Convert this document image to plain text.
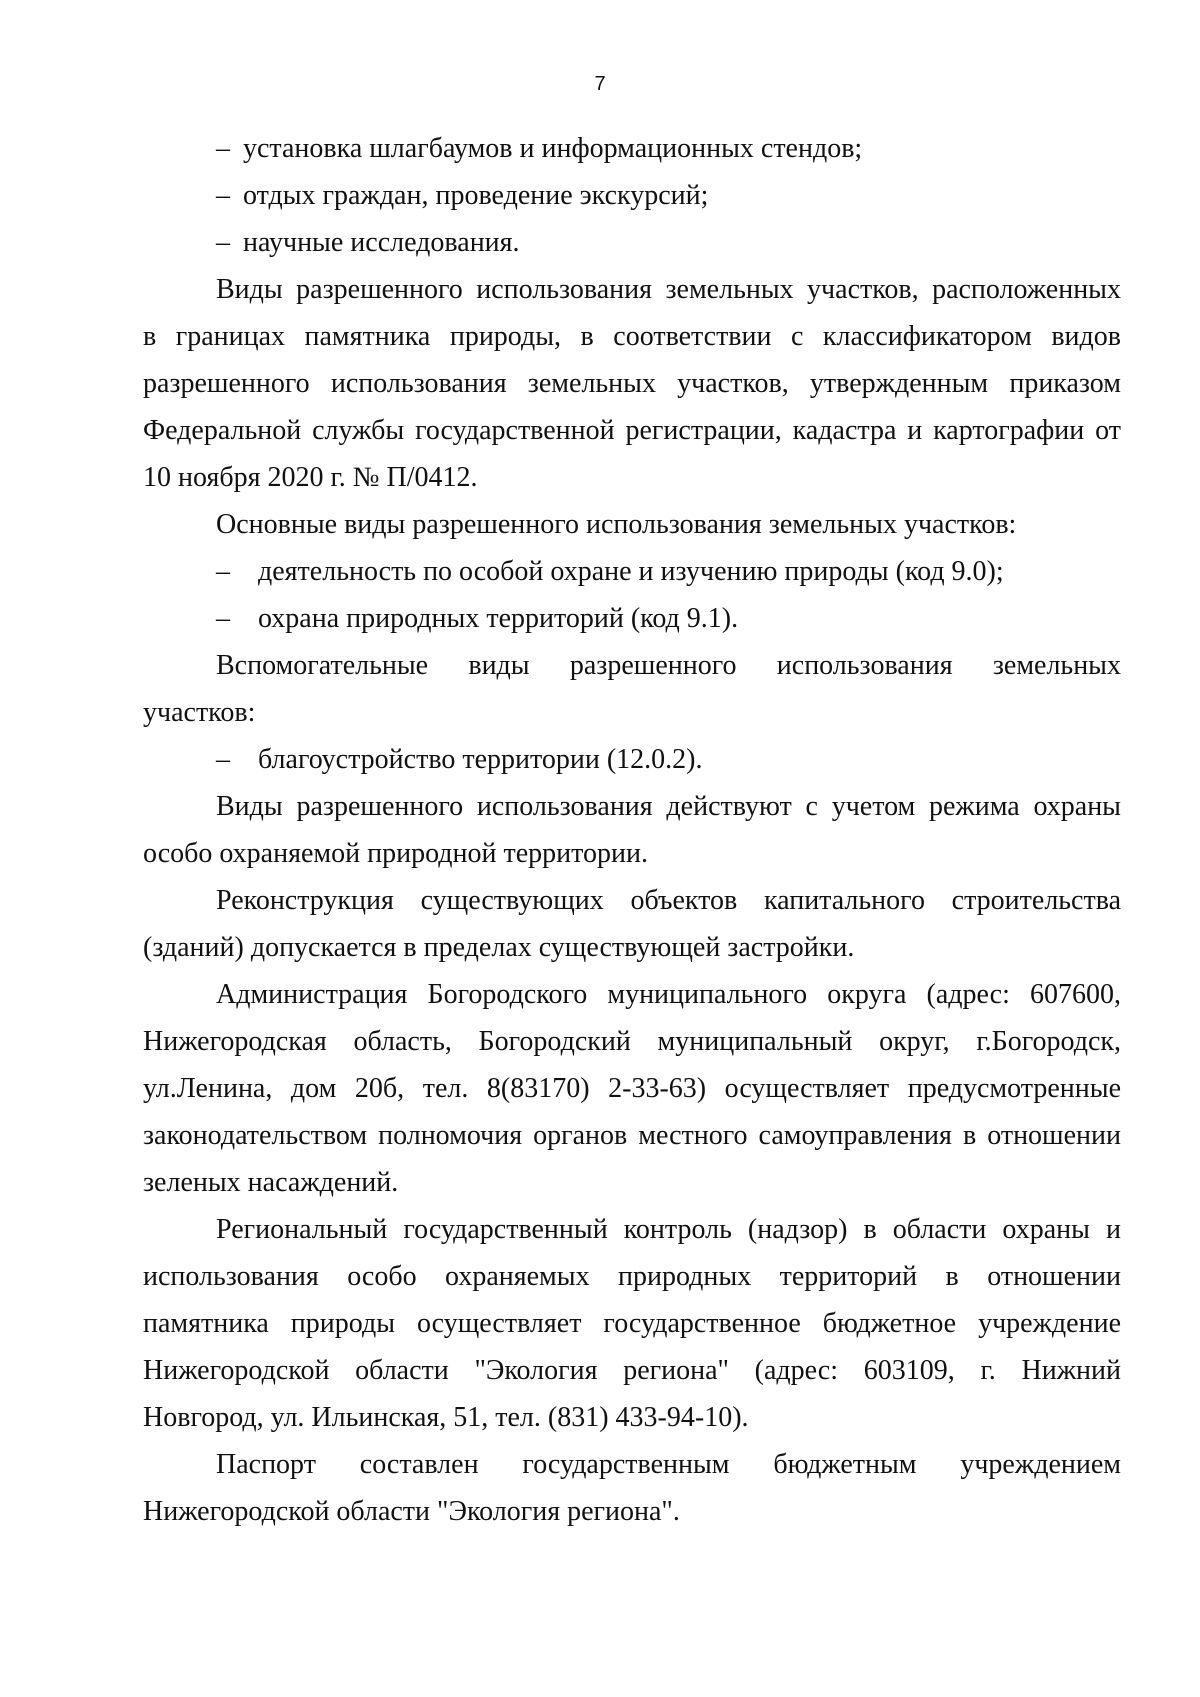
7
– установка шлагбаумов и информационных стендов;
– отдых граждан, проведение экскурсий;
– научные исследования.
Виды разрешенного использования земельных участков, расположенных
в границах памятника природы, в соответствии с классификатором видов
разрешенного использования земельных участков, утвержденным приказом
Федеральной службы государственной регистрации, кадастра и картографии от
10 ноября 2020 г. № П/0412.
Основные виды разрешенного использования земельных участков:
– деятельность по особой охране и изучению природы (код 9.0);
– охрана природных территорий (код 9.1).
Вспомогательные виды разрешенного использования земельных
участков:
– благоустройство территории (12.0.2).
Виды разрешенного использования действуют с учетом режима охраны
особо охраняемой природной территории.
Реконструкция существующих объектов капитального строительства
(зданий) допускается в пределах существующей застройки.
Администрация Богородского муниципального округа (адрес: 607600,
Нижегородская область, Богородский муниципальный округ, г.Богородск,
ул.Ленина, дом 20б, тел. 8(83170) 2-33-63) осуществляет предусмотренные
законодательством полномочия органов местного самоуправления в отношении
зеленых насаждений.
Региональный государственный контроль (надзор) в области охраны и
использования особо охраняемых природных территорий в отношении
памятника природы осуществляет государственное бюджетное учреждение
Нижегородской области "Экология региона" (адрес: 603109, г. Нижний
Новгород, ул. Ильинская, 51, тел. (831) 433-94-10).
Паспорт составлен государственным бюджетным учреждением
Нижегородской области "Экология региона".
